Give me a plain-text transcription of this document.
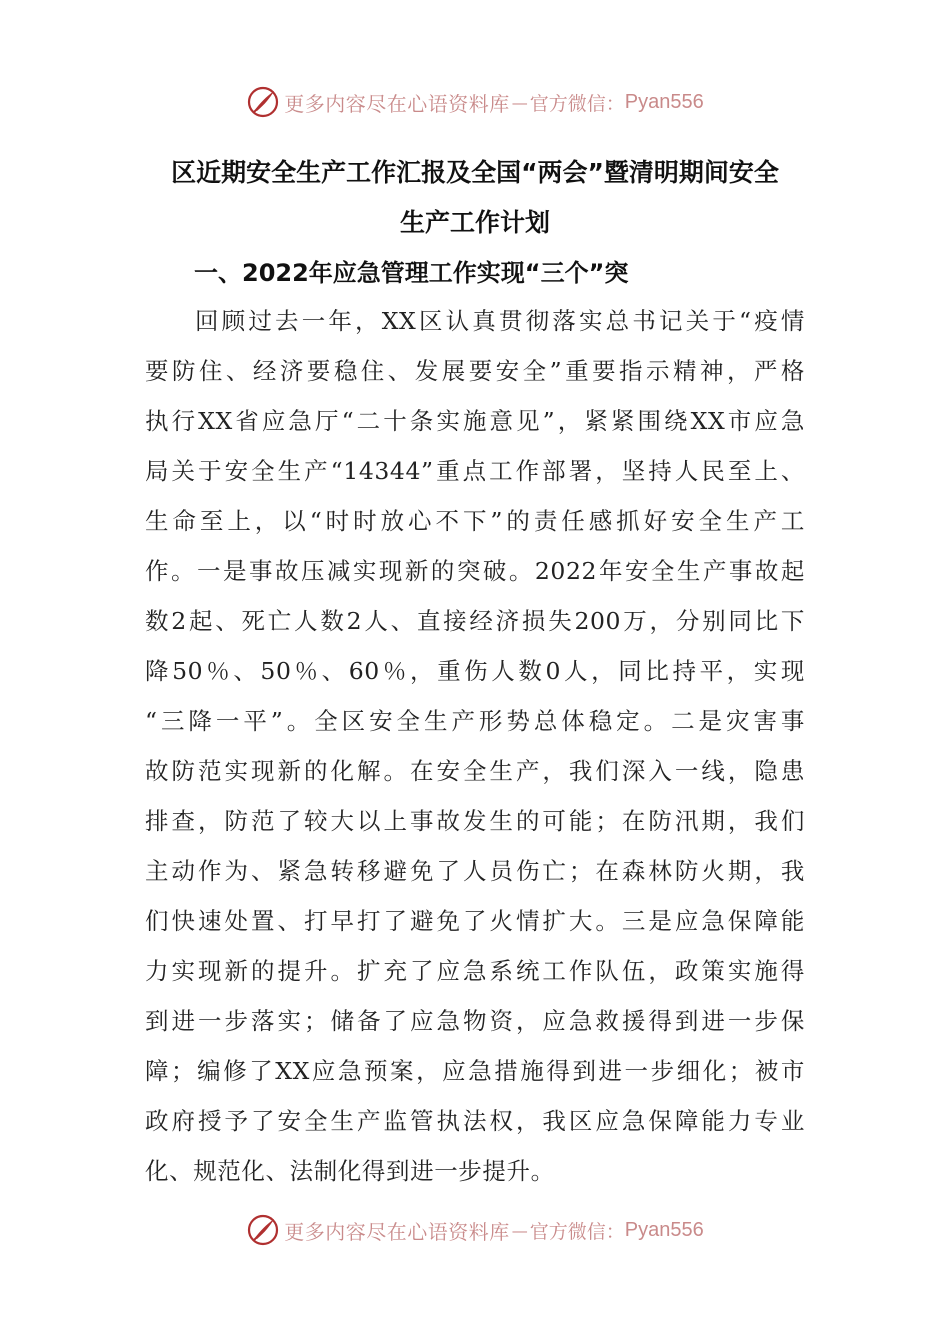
更多内容尽在心语资料库 — 官方微信： Pyan556
区近期安全生产工作汇报及全国“两会”暨清明期间安全
生产工作计划
一、2022年应急管理工作实现“三个”突
回顾过去一年，XX区认真贯彻落实总书记关于“疫情
要防住、经济要稳住、发展要安全”重要指示精神，严格
执行XX省应急厅“二十条实施意见”，紧紧围绕XX市应急
局关于安全生产“14344”重点工作部署，坚持人民至上、
生命至上，以“时时放心不下”的责任感抓好安全生产工
作。一是事故压减实现新的突破。2022年安全生产事故起
数2起、死亡人数2人、直接经济损失200万，分别同比下
降50％、50％、60％，重伤人数0人，同比持平，实现
“三降一平”。全区安全生产形势总体稳定。二是灾害事
故防范实现新的化解。在安全生产，我们深入一线，隐患
排查，防范了较大以上事故发生的可能；在防汛期，我们
主动作为、紧急转移避免了人员伤亡；在森林防火期，我
们快速处置、打早打了避免了火情扩大。三是应急保障能
力实现新的提升。扩充了应急系统工作队伍，政策实施得
到进一步落实；储备了应急物资，应急救援得到进一步保
障；编修了XX应急预案，应急措施得到进一步细化；被市
政府授予了安全生产监管执法权，我区应急保障能力专业
化、规范化、法制化得到进一步提升。
更多内容尽在心语资料库 — 官方微信： Pyan556
